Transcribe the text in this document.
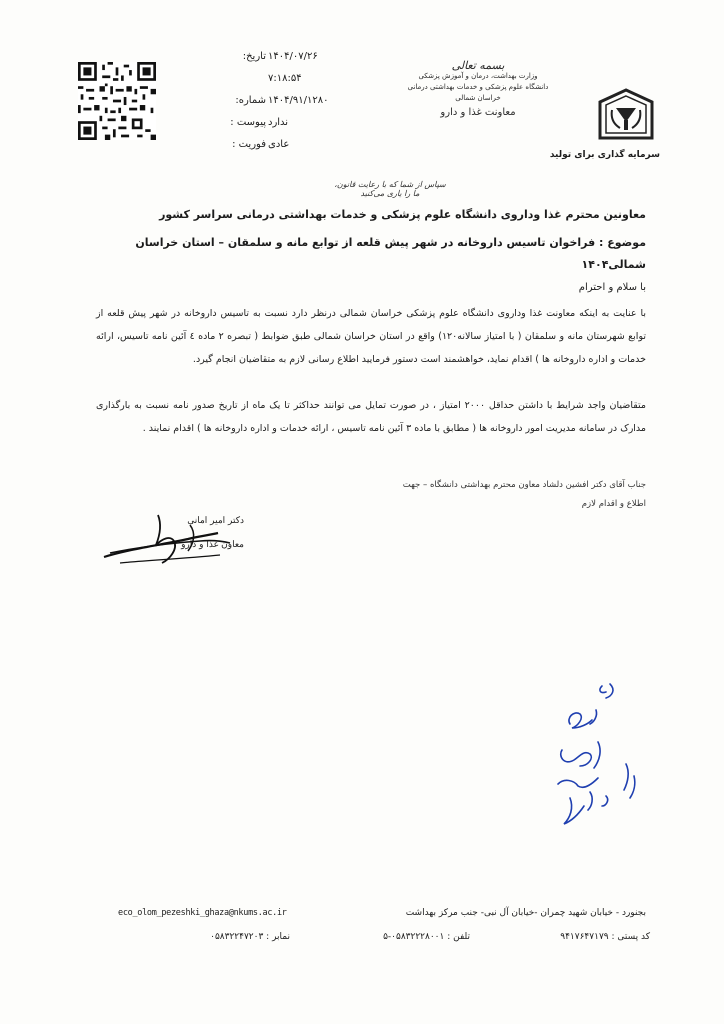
تاریخ: ۱۴۰۴/۰۷/۲۶ ۷:۱۸:۵۴
شماره: ۱۴۰۴/۹۱/۱۲۸۰
پیوست : ندارد
فوریت : عادی
بسمه تعالی
وزارت بهداشت، درمان و آموزش پزشکی
دانشگاه علوم پزشکی و خدمات بهداشتی درمانی خراسان شمالی
معاونت غذا و دارو
سرمایه گذاری برای تولید
سپاس از شما که با رعایت قانون، ما را یاری می‌کنید
معاونین محترم غذا وداروی دانشگاه علوم پزشکی و خدمات بهداشتی درمانی سراسر کشور
موضوع : فراخوان تاسیس داروخانه در شهر پیش قلعه از توابع مانه و سلمقان – استان خراسان شمالی۱۴۰۴
با سلام و احترام
با عنایت به اینکه معاونت غذا وداروی دانشگاه علوم پزشکی خراسان شمالی درنظر دارد نسبت به تاسیس داروخانه در شهر پیش قلعه از توابع شهرستان مانه و سلمقان ( با امتیاز سالانه۱۲۰) واقع در استان خراسان شمالی طبق ضوابط ( تبصره ۲ ماده ٤ آئین نامه تاسیس، ارائه خدمات و اداره داروخانه ها ) اقدام نماید، خواهشمند است دستور فرمایید اطلاع رسانی لازم به متقاضیان انجام گیرد.
متقاضیان واجد شرایط با داشتن حداقل ۲۰۰۰ امتیاز ، در صورت تمایل می توانند حداکثر تا یک ماه از تاریخ صدور نامه نسبت به بارگذاری مدارک در سامانه مدیریت امور داروخانه ها ( مطابق با ماده ۳ آئین نامه تاسیس ، ارائه خدمات و اداره داروخانه ها ) اقدام نمایند .
جناب آقای دکتر افشین دلشاد معاون محترم بهداشتی دانشگاه – جهت
اطلاع و اقدام لازم
دکتر امیر امانی
معاون غذا و دارو
بجنورد - خیابان شهید چمران -خیابان آل نبی- جنب مرکز بهداشت
eco_olom_pezeshki_ghaza@nkums.ac.ir
کد پستی : ۹۴۱۷۶۴۷۱۷۹
تلفن : ۰۵۸۳۲۲۲۸۰۰۱-۵
نمابر : ۰۵۸۳۲۲۴۷۲۰۳
